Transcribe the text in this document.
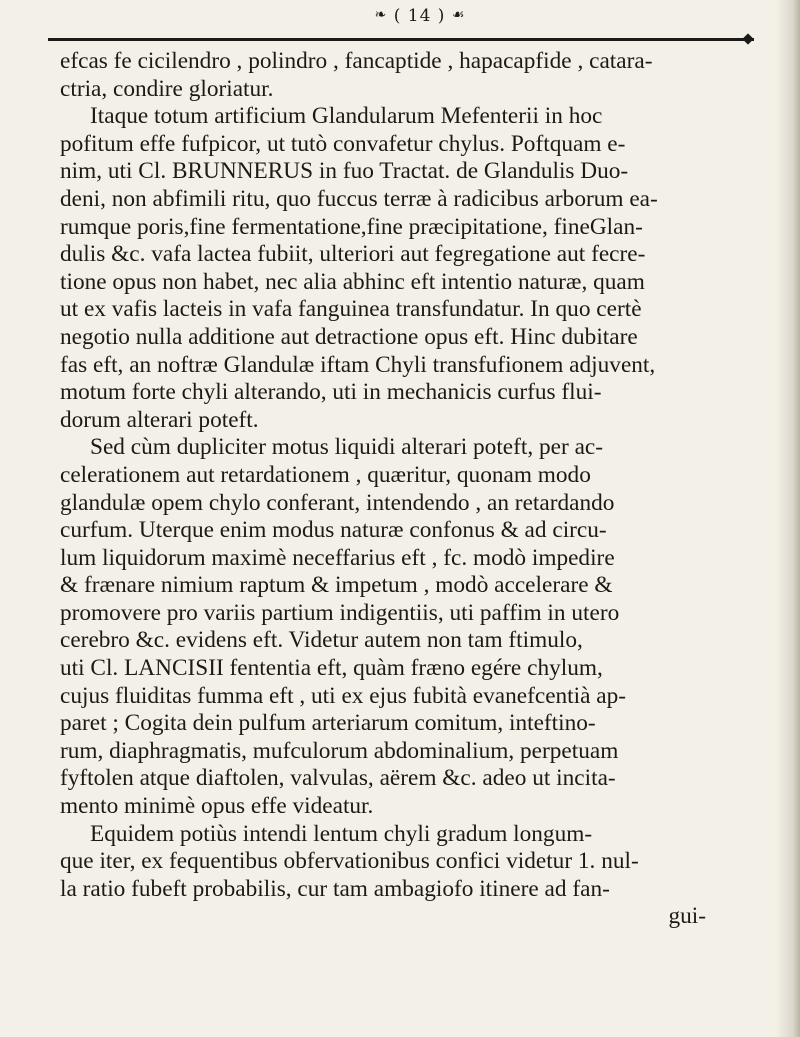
❧ ( 14 ) ☙
efcas fe cicilendro , polindro , fancaptide , hapacapfide , catara-
ctria, condire gloriatur.
Itaque totum artificium Glandularum Mefenterii in hoc
pofitum effe fufpicor, ut tutò convafetur chylus. Poftquam e-
nim, uti Cl. BRUNNERUS in fuo Tractat. de Glandulis Duo-
deni, non abfimili ritu, quo fuccus terræ à radicibus arborum ea-
rumque poris,fine fermentatione,fine præcipitatione, fineGlan-
dulis &c. vafa lactea fubiit, ulteriori aut fegregatione aut fecre-
tione opus non habet, nec alia abhinc eft intentio naturæ, quam
ut ex vafis lacteis in vafa fanguinea transfundatur. In quo certè
negotio nulla additione aut detractione opus eft. Hinc dubitare
fas eft, an noftræ Glandulæ iftam Chyli transfufionem adjuvent,
motum forte chyli alterando, uti in mechanicis curfus flui-
dorum alterari poteft.
Sed cùm dupliciter motus liquidi alterari poteft, per ac-
celerationem aut retardationem , quæritur, quonam modo
glandulæ opem chylo conferant, intendendo , an retardando
curfum. Uterque enim modus naturæ confonus & ad circu-
lum liquidorum maximè neceffarius eft , fc. modò impedire
& frænare nimium raptum & impetum , modò accelerare &
promovere pro variis partium indigentiis, uti paffim in utero
cerebro &c. evidens eft. Videtur autem non tam ftimulo,
uti Cl. LANCISII fententia eft, quàm fræno egére chylum,
cujus fluiditas fumma eft , uti ex ejus fubità evanefcentià ap-
paret ; Cogita dein pulfum arteriarum comitum, inteftino-
rum, diaphragmatis, mufculorum abdominalium, perpetuam
fyftolen atque diaftolen, valvulas, aërem &c. adeo ut incita-
mento minimè opus effe videatur.
Equidem potiùs intendi lentum chyli gradum longum-
que iter, ex fequentibus obfervationibus confici videtur 1. nul-
la ratio fubeft probabilis, cur tam ambagiofo itinere ad fan-
gui-
